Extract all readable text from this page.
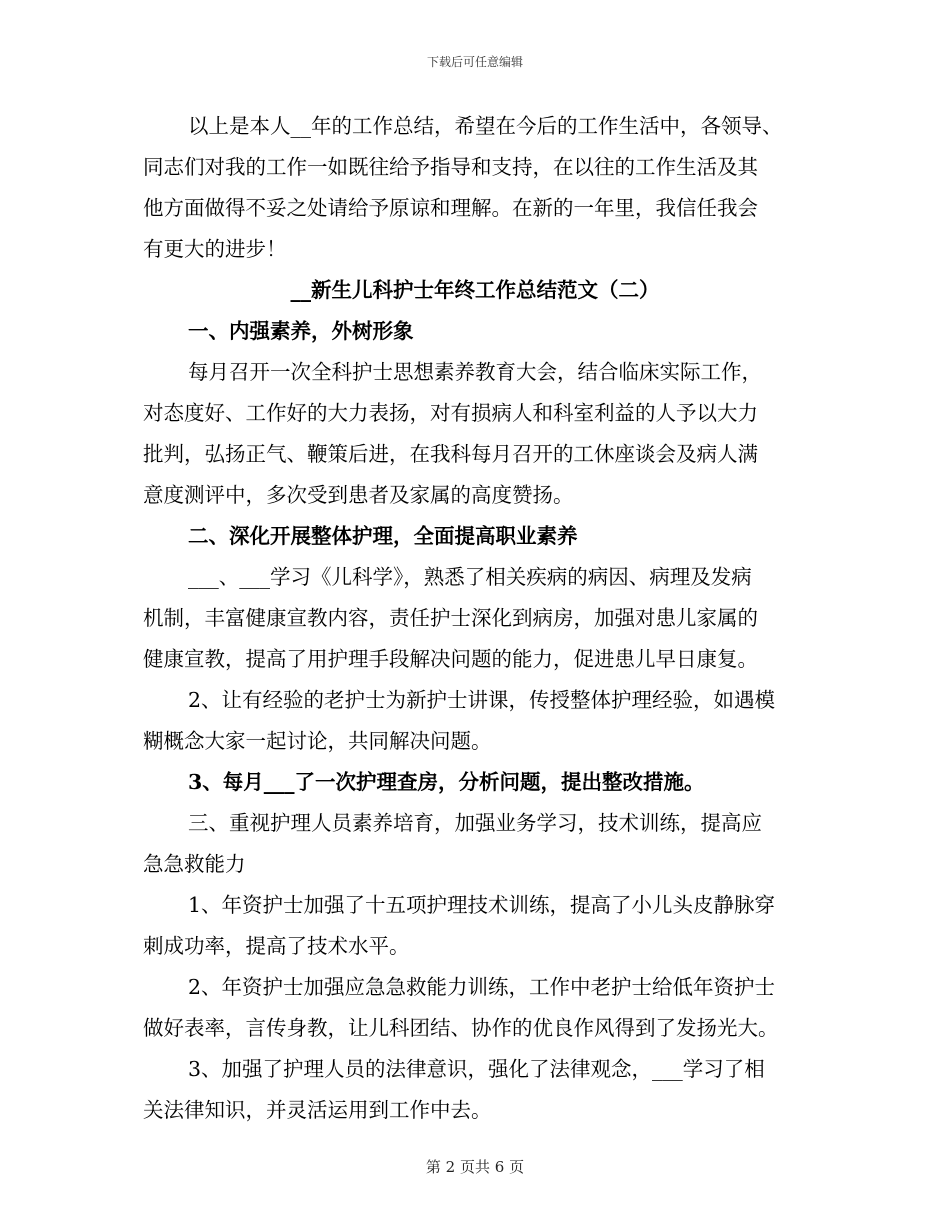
下载后可任意编辑
以上是本人__年的工作总结，希望在今后的工作生活中，各领导、
同志们对我的工作一如既往给予指导和支持，在以往的工作生活及其
他方面做得不妥之处请给予原谅和理解。在新的一年里，我信任我会
有更大的进步！
__新生儿科护士年终工作总结范文（二）
一、内强素养，外树形象
每月召开一次全科护士思想素养教育大会，结合临床实际工作，
对态度好、工作好的大力表扬，对有损病人和科室利益的人予以大力
批判，弘扬正气、鞭策后进，在我科每月召开的工休座谈会及病人满
意度测评中，多次受到患者及家属的高度赞扬。
二、深化开展整体护理，全面提高职业素养
___、___学习《儿科学》，熟悉了相关疾病的病因、病理及发病
机制，丰富健康宣教内容，责任护士深化到病房，加强对患儿家属的
健康宣教，提高了用护理手段解决问题的能力，促进患儿早日康复。
2、让有经验的老护士为新护士讲课，传授整体护理经验，如遇模
糊概念大家一起讨论，共同解决问题。
3、每月___了一次护理查房，分析问题，提出整改措施。
三、重视护理人员素养培育，加强业务学习，技术训练，提高应
急急救能力
1、年资护士加强了十五项护理技术训练，提高了小儿头皮静脉穿
刺成功率，提高了技术水平。
2、年资护士加强应急急救能力训练，工作中老护士给低年资护士
做好表率，言传身教，让儿科团结、协作的优良作风得到了发扬光大。
3、加强了护理人员的法律意识，强化了法律观念，___学习了相
关法律知识，并灵活运用到工作中去。
第 2 页共 6 页
